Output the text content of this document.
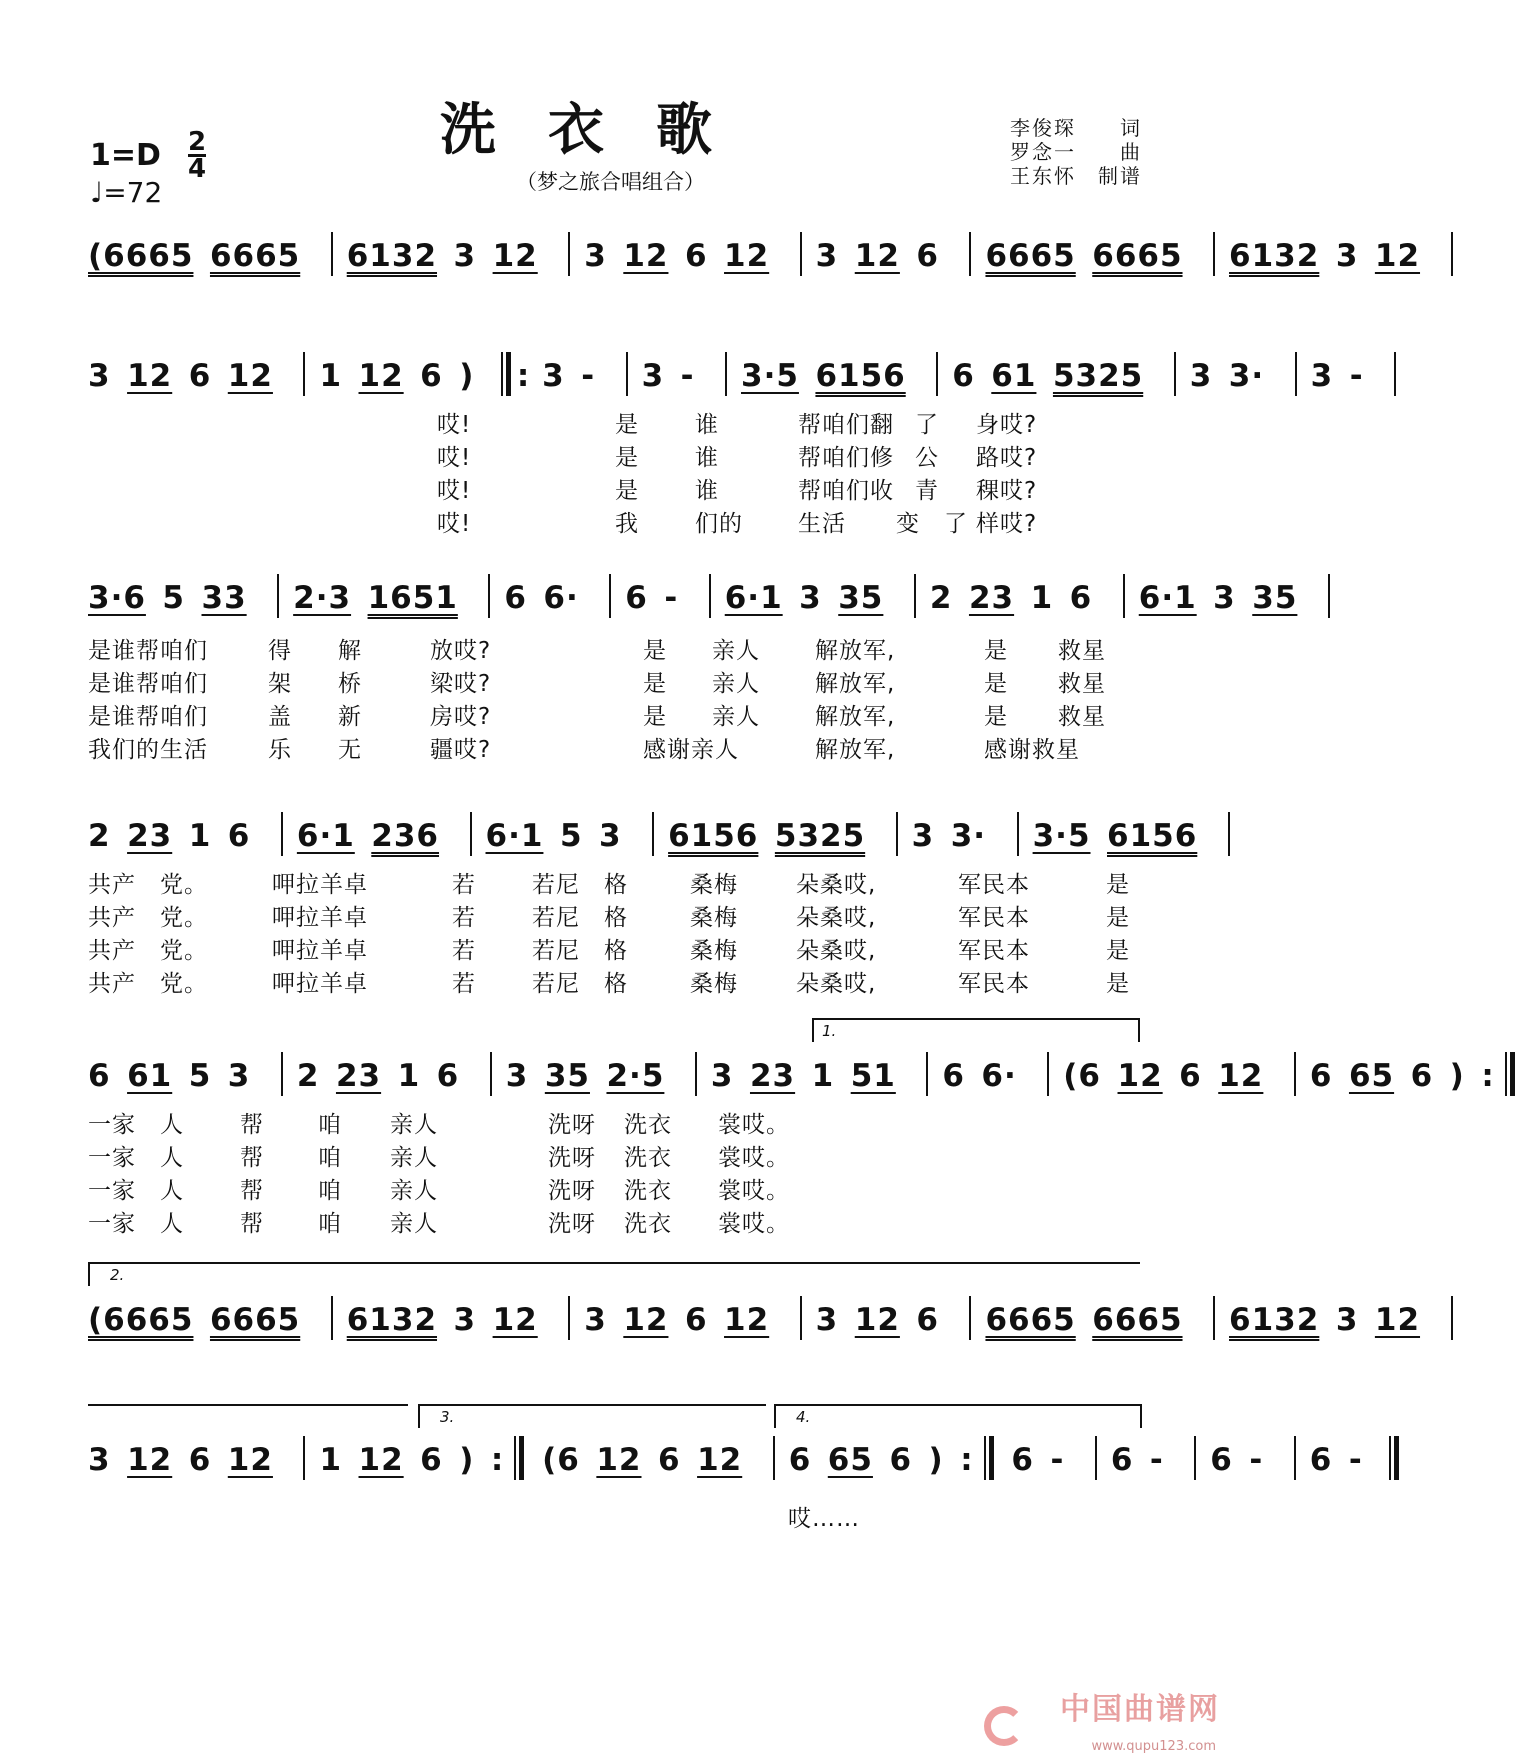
洗衣歌
（梦之旅合唱组合）
李俊琛　　词
罗念一　　曲
王东怀　制谱
1=D 2
4
♩=72
(6665  6665  6132  3  12  3  12  6  12  3  12  6  6665  6665  6132  3  12 
3  12  6  12  1  12  6  )  : 3  -  3  -  3·5  6156  6  61  5325  3  3·  3  - 
哎!	是 谁	帮咱们翻 了 身哎?
哎!	是 谁	帮咱们修 公 路哎?
哎!	是 谁	帮咱们收 青 稞哎?
哎!	我 们的 生活 变　了 样哎?
3·6  5  33  2·3  1651  6  6·  6  -  6·1  3  35  2  23  1  6  6·1  3  35 
是谁帮咱们	得 解	放哎?	是 亲人 解放军,	是 救星
是谁帮咱们	架 桥	梁哎?	是 亲人 解放军,	是 救星
是谁帮咱们	盖 新	房哎?	是 亲人 解放军,	是 救星
我们的生活	乐 无	疆哎?	感谢亲人	解放军,	感谢救星
2  23  1  6  6·1  236  6·1  5  3  6156  5325  3  3·  3·5  6156 
共产　党。	呷拉羊卓	若 若尼　格	桑梅	朵桑哎,	军民本	是
共产　党。	呷拉羊卓	若 若尼　格	桑梅	朵桑哎,	军民本	是
共产　党。	呷拉羊卓	若 若尼　格	桑梅	朵桑哎,	军民本	是
共产　党。	呷拉羊卓	若 若尼　格	桑梅	朵桑哎,	军民本	是
1.
6  61  5  3  2  23  1  6  3  35  2·5  3  23  1  51  6  6·  (6  12  6  12  6  65  6  )  :
一家　人 帮 咱 亲人	洗呀 洗衣 裳哎。
一家　人 帮 咱 亲人	洗呀 洗衣 裳哎。
一家　人 帮 咱 亲人	洗呀 洗衣 裳哎。
一家　人 帮 咱 亲人	洗呀 洗衣 裳哎。
2.
(6665  6665  6132  3  12  3  12  6  12  3  12  6  6665  6665  6132  3  12 
3.	4.
3  12  6  12  1  12  6  )  : (6  12  6  12  6  65  6  )  : 6  -  6  -  6  -  6  - 
哎……
中国曲谱网
www.qupu123.com
